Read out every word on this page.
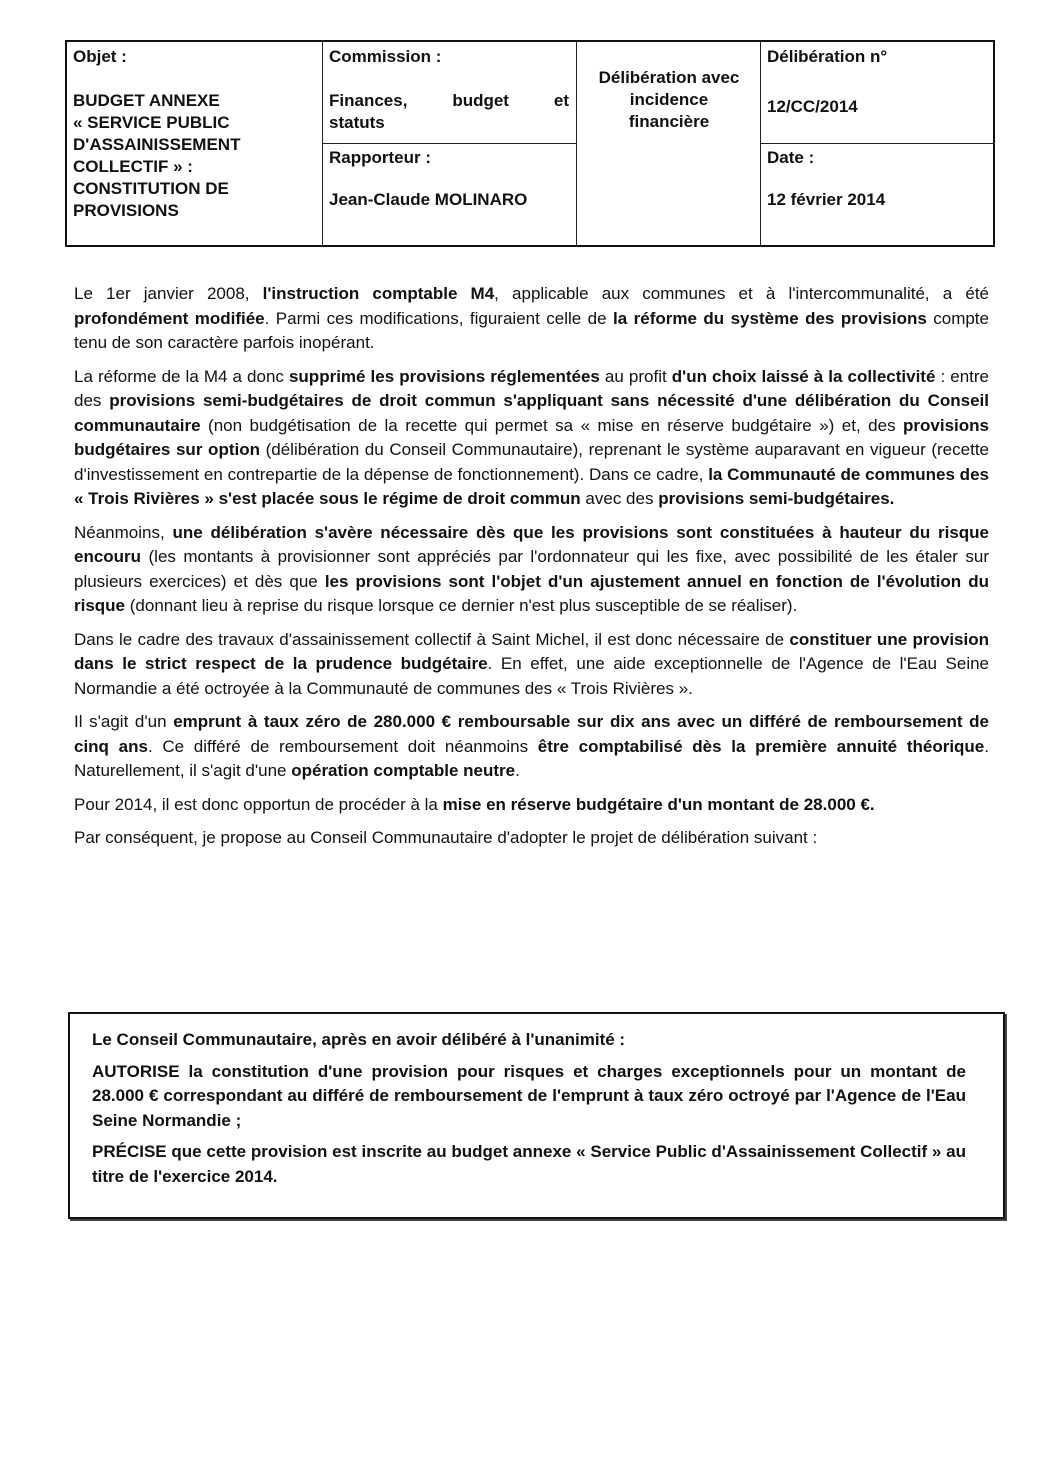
Objet :
BUDGET ANNEXE
« SERVICE PUBLIC
D'ASSAINISSEMENT
COLLECTIF » :
CONSTITUTION DE
PROVISIONS
Commission :
Finances,	budget	et
statuts
Rapporteur :
Jean-Claude MOLINARO
Délibération avec
incidence
financière
Délibération n°
12/CC/2014
Date :
12 février 2014

Le 1er janvier 2008, l'instruction comptable M4, applicable aux communes et à l'intercommunalité, a été profondément modifiée. Parmi ces modifications, figuraient celle de la réforme du système des provisions compte tenu de son caractère parfois inopérant.

La réforme de la M4 a donc supprimé les provisions réglementées au profit d'un choix laissé à la collectivité : entre des provisions semi-budgétaires de droit commun s'appliquant sans nécessité d'une délibération du Conseil communautaire (non budgétisation de la recette qui permet sa « mise en réserve budgétaire ») et, des provisions budgétaires sur option (délibération du Conseil Communautaire), reprenant le système auparavant en vigueur (recette d'investissement en contrepartie de la dépense de fonctionnement). Dans ce cadre, la Communauté de communes des « Trois Rivières » s'est placée sous le régime de droit commun avec des provisions semi-budgétaires.

Néanmoins, une délibération s'avère nécessaire dès que les provisions sont constituées à hauteur du risque encouru (les montants à provisionner sont appréciés par l'ordonnateur qui les fixe, avec possibilité de les étaler sur plusieurs exercices) et dès que les provisions sont l'objet d'un ajustement annuel en fonction de l'évolution du risque (donnant lieu à reprise du risque lorsque ce dernier n'est plus susceptible de se réaliser).

Dans le cadre des travaux d'assainissement collectif à Saint Michel, il est donc nécessaire de constituer une provision dans le strict respect de la prudence budgétaire. En effet, une aide exceptionnelle de l'Agence de l'Eau Seine Normandie a été octroyée à la Communauté de communes des « Trois Rivières ».

Il s'agit d'un emprunt à taux zéro de 280.000 € remboursable sur dix ans avec un différé de remboursement de cinq ans. Ce différé de remboursement doit néanmoins être comptabilisé dès la première annuité théorique. Naturellement, il s'agit d'une opération comptable neutre.

Pour 2014, il est donc opportun de procéder à la mise en réserve budgétaire d'un montant de 28.000 €.

Par conséquent, je propose au Conseil Communautaire d'adopter le projet de délibération suivant :

Le Conseil Communautaire, après en avoir délibéré à l'unanimité :

AUTORISE la constitution d'une provision pour risques et charges exceptionnels pour un montant de 28.000 € correspondant au différé de remboursement de l'emprunt à taux zéro octroyé par l'Agence de l'Eau Seine Normandie ;

PRÉCISE que cette provision est inscrite au budget annexe « Service Public d'Assainissement Collectif » au titre de l'exercice 2014.
